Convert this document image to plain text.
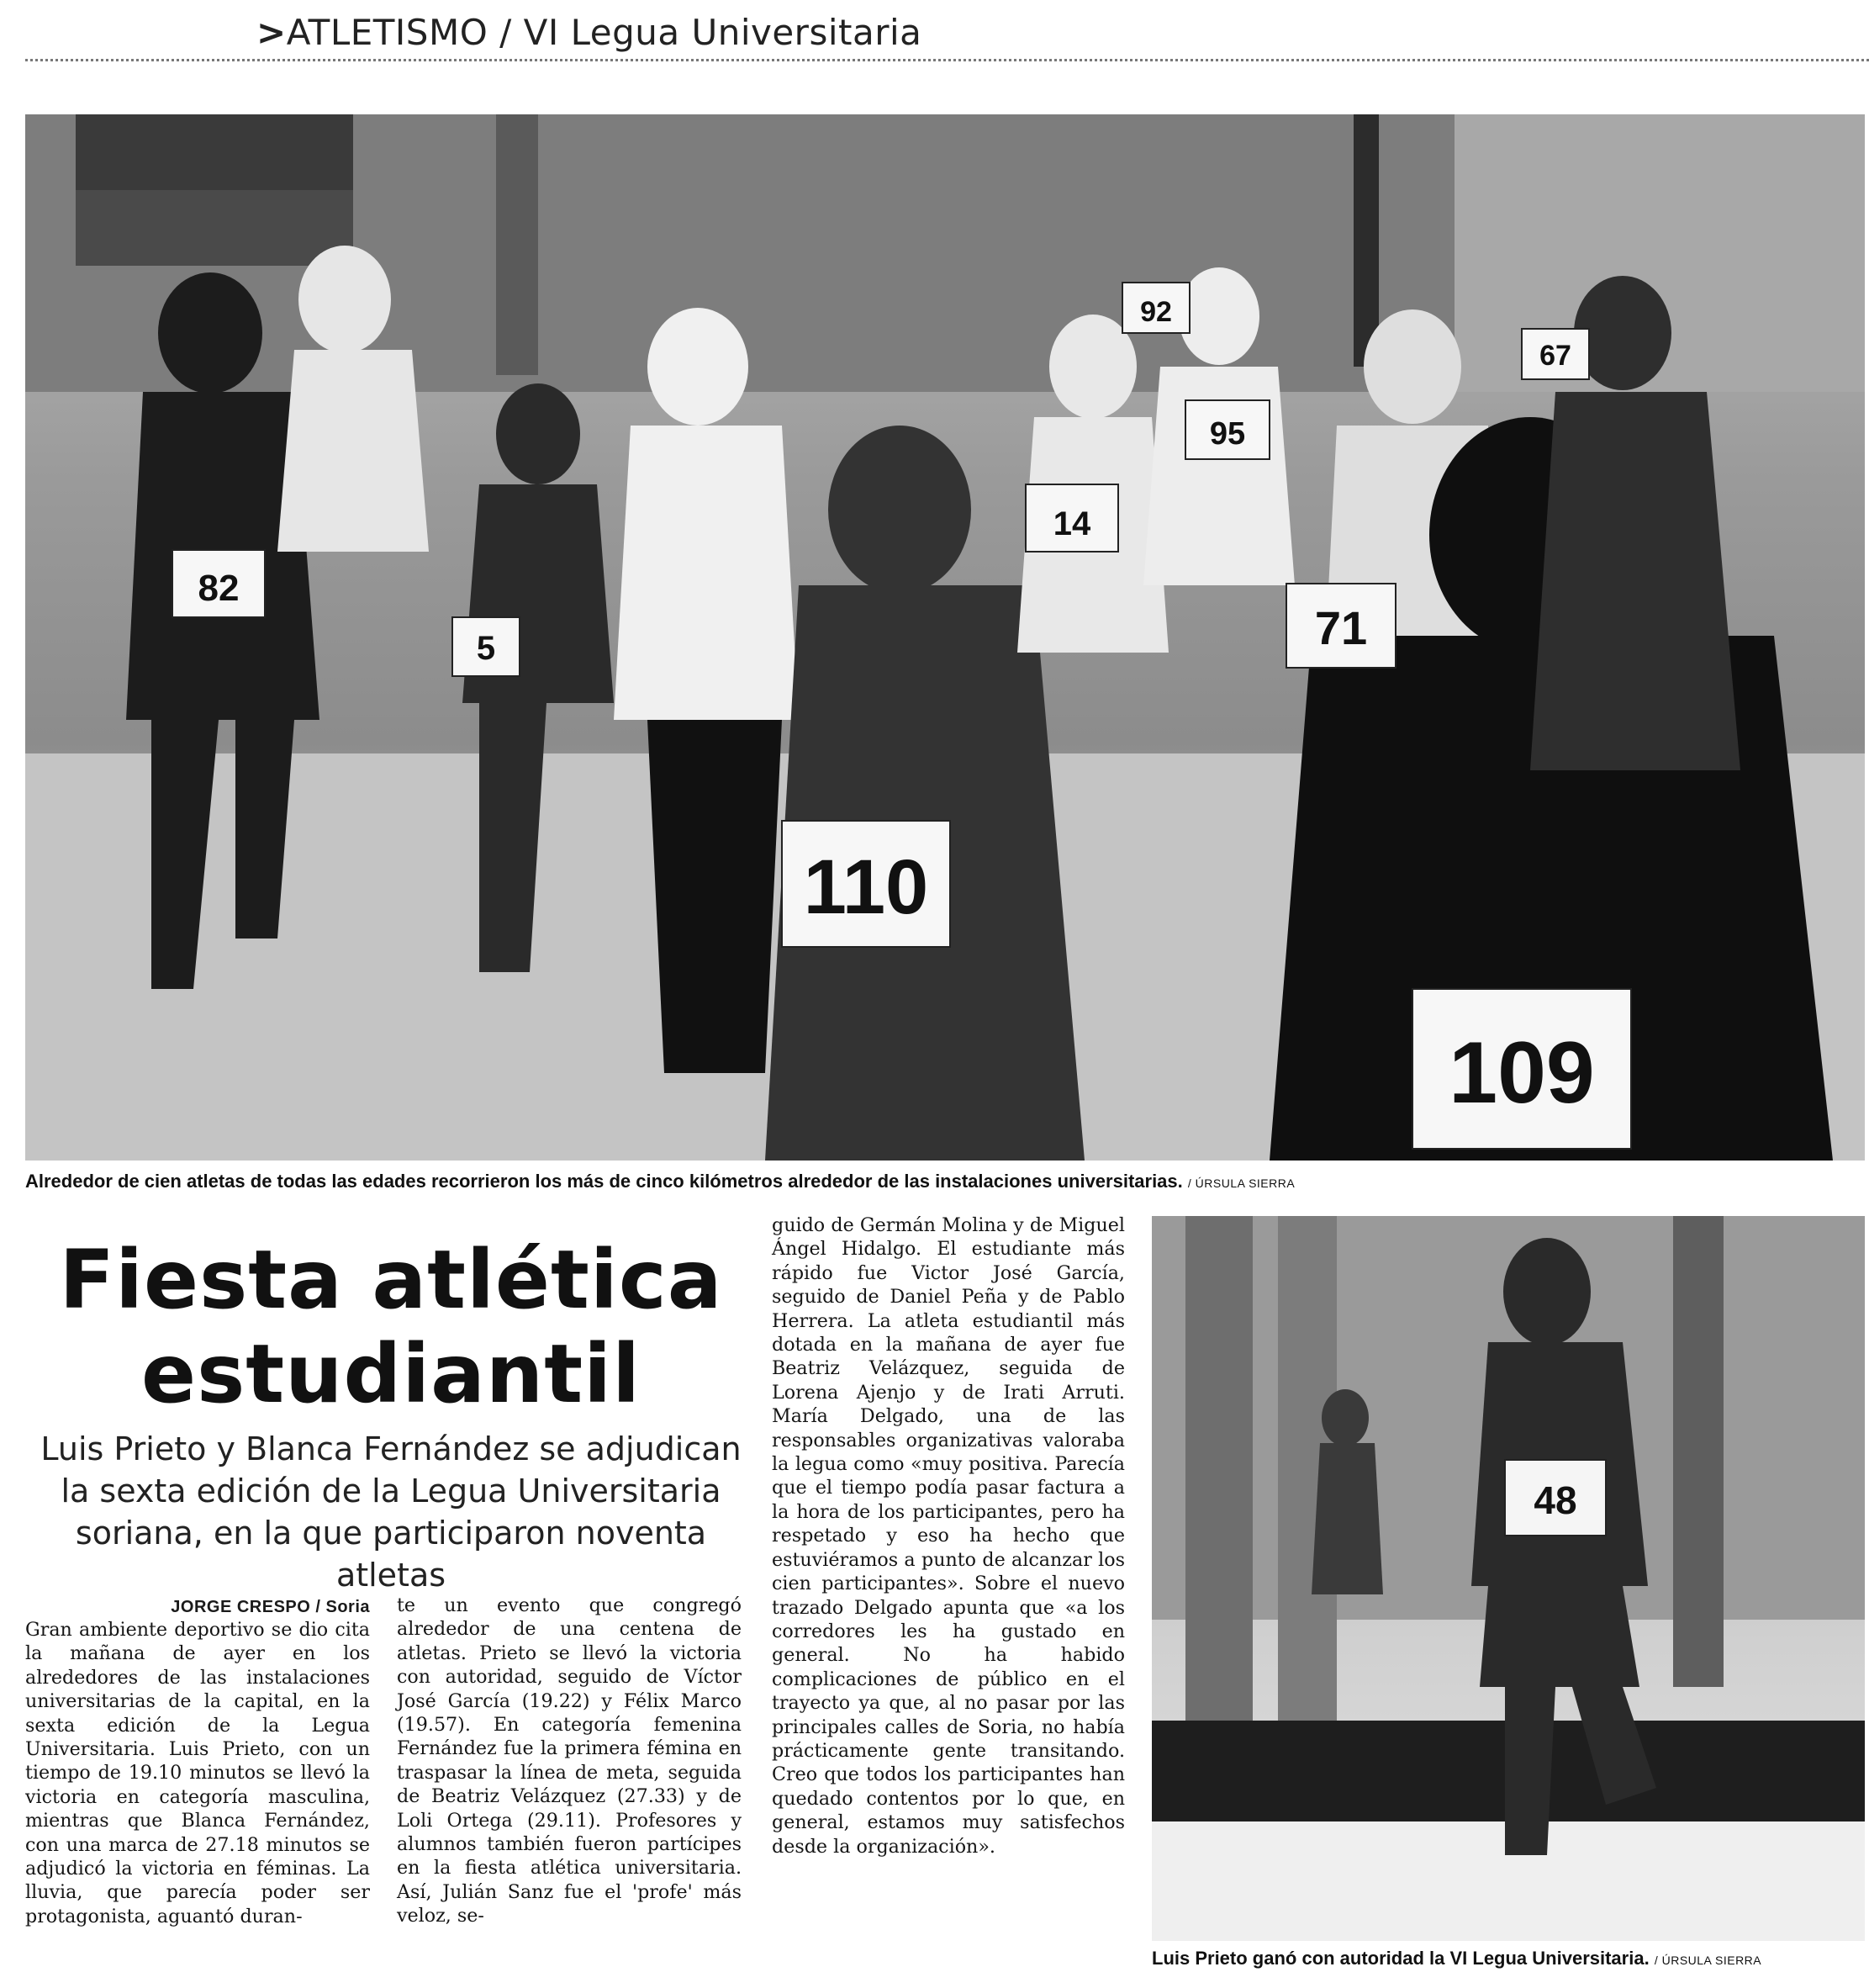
>ATLETISMO / VI Legua Universitaria
82
5
14
95
71
92
110
109
67
Alrededor de cien atletas de todas las edades recorrieron los más de cinco kilómetros alrededor de las instalaciones universitarias. / ÚRSULA SIERRA
Fiesta atlética
estudiantil
Luis Prieto y Blanca Fernández se adjudican la sexta edición de la Legua Universitaria soriana, en la que participaron noventa atletas
JORGE CRESPO / Soria

Gran ambiente deportivo se dio cita la mañana de ayer en los alrededores de las instalaciones universitarias de la capital, en la sexta edición de la Legua Universitaria. Luis Prieto, con un tiempo de 19.10 minutos se llevó la victoria en categoría masculina, mientras que Blanca Fernández, con una marca de 27.18 minutos se adjudicó la victoria en féminas. La lluvia, que parecía poder ser protagonista, aguantó duran-

te un evento que congregó alrededor de una centena de atletas. Prieto se llevó la victoria con autoridad, seguido de Víctor José García (19.22) y Félix Marco (19.57). En categoría femenina Fernández fue la primera fémina en traspasar la línea de meta, seguida de Beatriz Velázquez (27.33) y de Loli Ortega (29.11). Profesores y alumnos también fueron partícipes en la fiesta atlética universitaria. Así, Julián Sanz fue el 'profe' más veloz, se-

guido de Germán Molina y de Miguel Ángel Hidalgo. El estudiante más rápido fue Victor José García, seguido de Daniel Peña y de Pablo Herrera. La atleta estudiantil más dotada en la mañana de ayer fue Beatriz Velázquez, seguida de Lorena Ajenjo y de Irati Arruti. María Delgado, una de las responsables organizativas valoraba la legua como «muy positiva. Parecía que el tiempo podía pasar factura a la hora de los participantes, pero ha respetado y eso ha hecho que estuviéramos a punto de alcanzar los cien participantes». Sobre el nuevo trazado Delgado apunta que «a los corredores les ha gustado en general. No ha habido complicaciones de público en el trayecto ya que, al no pasar por las principales calles de Soria, no había prácticamente gente transitando. Creo que todos los participantes han quedado contentos por lo que, en general, estamos muy satisfechos desde la organización».

48
Luis Prieto ganó con autoridad la VI Legua Universitaria. / ÚRSULA SIERRA
